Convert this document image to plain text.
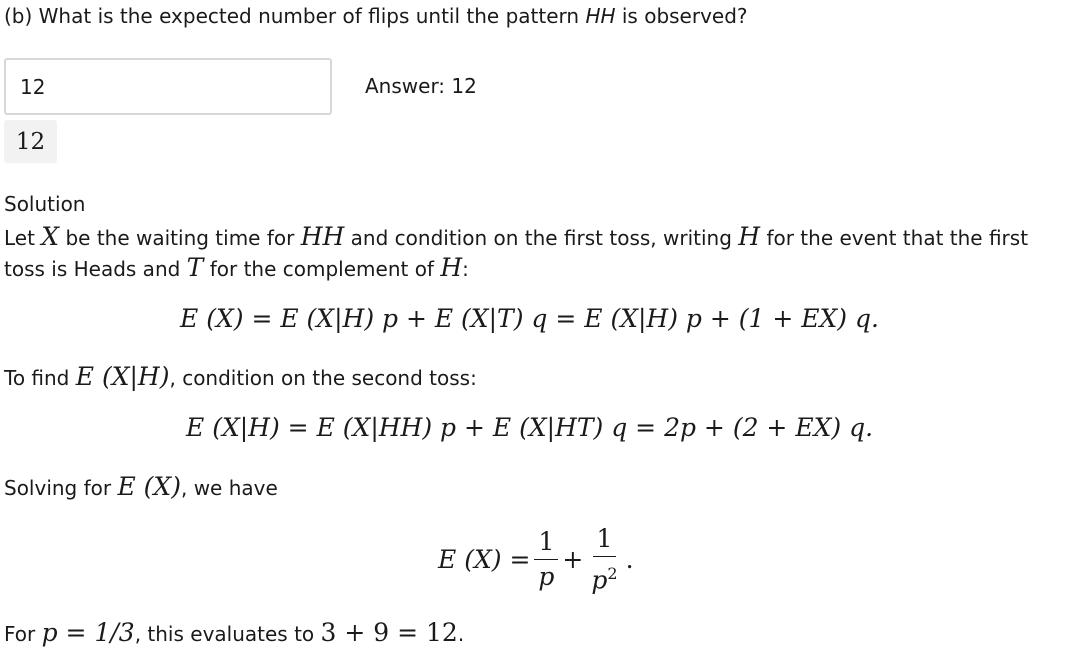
(b) What is the expected number of flips until the pattern HH is observed?
12
Answer: 12
12
Solution
Let X be the waiting time for HH and condition on the first toss, writing H for the event that the first
toss is Heads and T for the complement of H:
E (X) = E (X|H) p + E (X|T) q = E (X|H) p + (1 + EX) q.
To find E (X|H), condition on the second toss:
E (X|H) = E (X|HH) p + E (X|HT) q = 2p + (2 + EX) q.
Solving for E (X), we have
E $(X) = \frac{1}{p} + \frac{1}{p^2}$ .
For p = 1/3, this evaluates to 3 + 9 = 12.
